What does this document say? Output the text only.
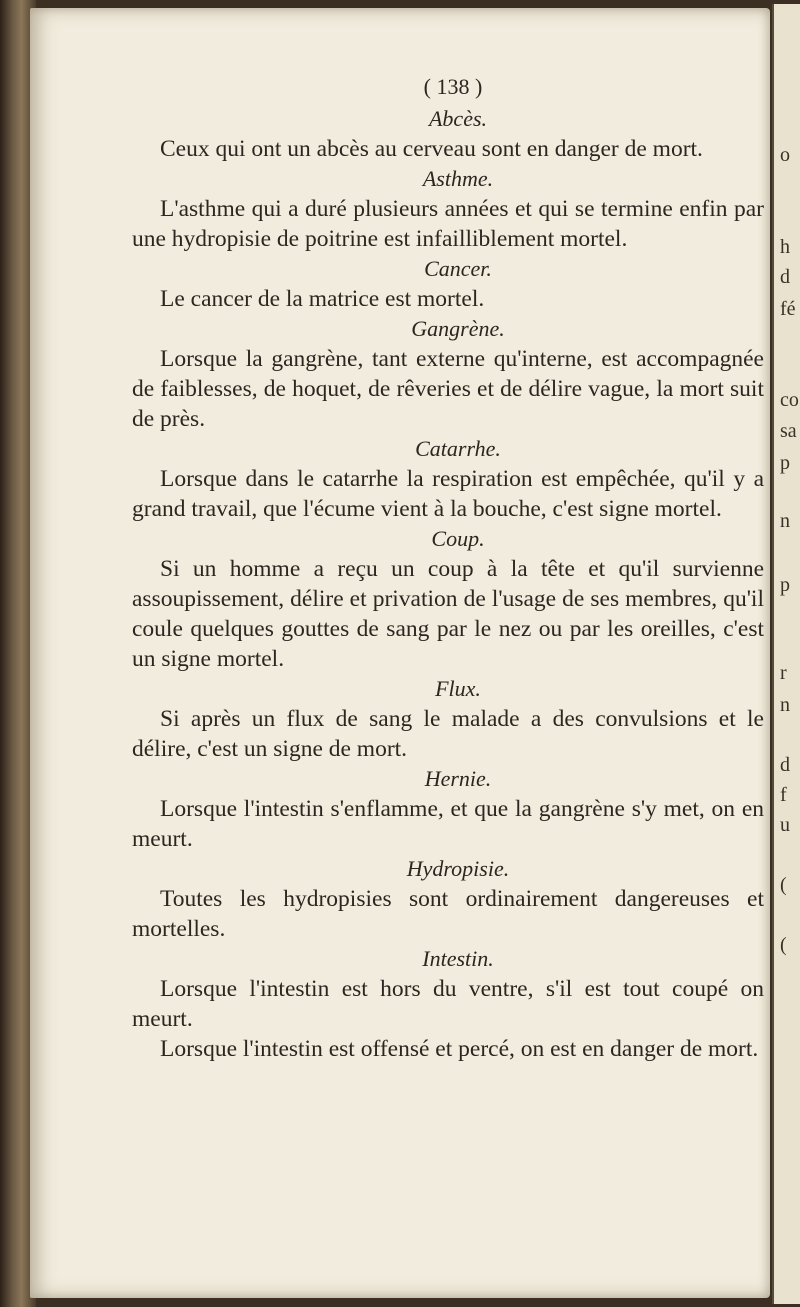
o
h
d
fé
co
sa
p
n
p
r
n
d
f
u
(
(
( 138 )
Abcès.

Ceux qui ont un abcès au cerveau sont en danger de mort.

Asthme.

L'asthme qui a duré plusieurs années et qui se termine enfin par une hydropisie de poitrine est infailliblement mortel.

Cancer.

Le cancer de la matrice est mortel.

Gangrène.

Lorsque la gangrène, tant externe qu'interne, est accompagnée de faiblesses, de hoquet, de rêveries et de délire vague, la mort suit de près.

Catarrhe.

Lorsque dans le catarrhe la respiration est empêchée, qu'il y a grand travail, que l'écume vient à la bouche, c'est signe mortel.

Coup.

Si un homme a reçu un coup à la tête et qu'il survienne assoupissement, délire et privation de l'usage de ses membres, qu'il coule quelques gouttes de sang par le nez ou par les oreilles, c'est un signe mortel.

Flux.

Si après un flux de sang le malade a des convulsions et le délire, c'est un signe de mort.

Hernie.

Lorsque l'intestin s'enflamme, et que la gangrène s'y met, on en meurt.

Hydropisie.

Toutes les hydropisies sont ordinairement dangereuses et mortelles.

Intestin.

Lorsque l'intestin est hors du ventre, s'il est tout coupé on meurt.

Lorsque l'intestin est offensé et percé, on est en danger de mort.
